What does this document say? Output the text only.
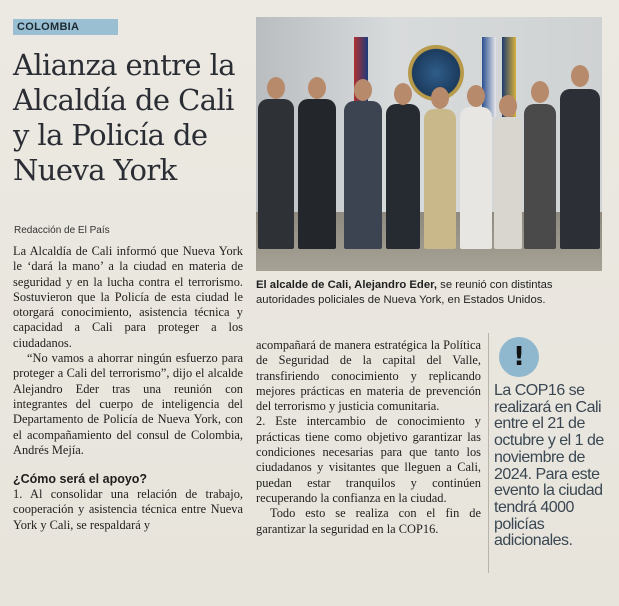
COLOMBIA
Alianza entre la Alcaldía de Cali y la Policía de Nueva York
Redacción de El País

La Alcaldía de Cali informó que Nueva York le ‘dará la mano’ a la ciudad en materia de seguridad y en la lucha contra el terrorismo. Sostuvieron que la Policía de esta ciudad le otorgará conocimiento, asistencia técnica y capacidad a Cali para proteger a los ciudadanos.

“No vamos a ahorrar ningún esfuerzo para proteger a Cali del terrorismo”, dijo el alcalde Alejandro Eder tras una reunión con integrantes del cuerpo de inteligencia del Departamento de Policía de Nueva York, con el acompañamiento del consul de Colombia, Andrés Mejía.

¿Cómo será el apoyo?

1. Al consolidar una relación de trabajo, cooperación y asistencia técnica entre Nueva York y Cali, se respaldará y

El alcalde de Cali, Alejandro Eder, se reunió con distintas autoridades policiales de Nueva York, en Estados Unidos.

acompañará de manera estratégica la Política de Seguridad de la capital del Valle, transfiriendo conocimiento y replicando mejores prácticas en materia de prevención del terrorismo y justicia comunitaria.

2. Este intercambio de conocimiento y prácticas tiene como objetivo garantizar las condiciones necesarias para que tanto los ciudadanos y visitantes que lleguen a Cali, puedan estar tranquilos y continúen recuperando la confianza en la ciudad.

Todo esto se realiza con el fin de garantizar la seguridad en la COP16.

!
La COP16 se realizará en Cali entre el 21 de octubre y el 1 de noviembre de 2024. Para este evento la ciudad tendrá 4000 policías adicionales.
